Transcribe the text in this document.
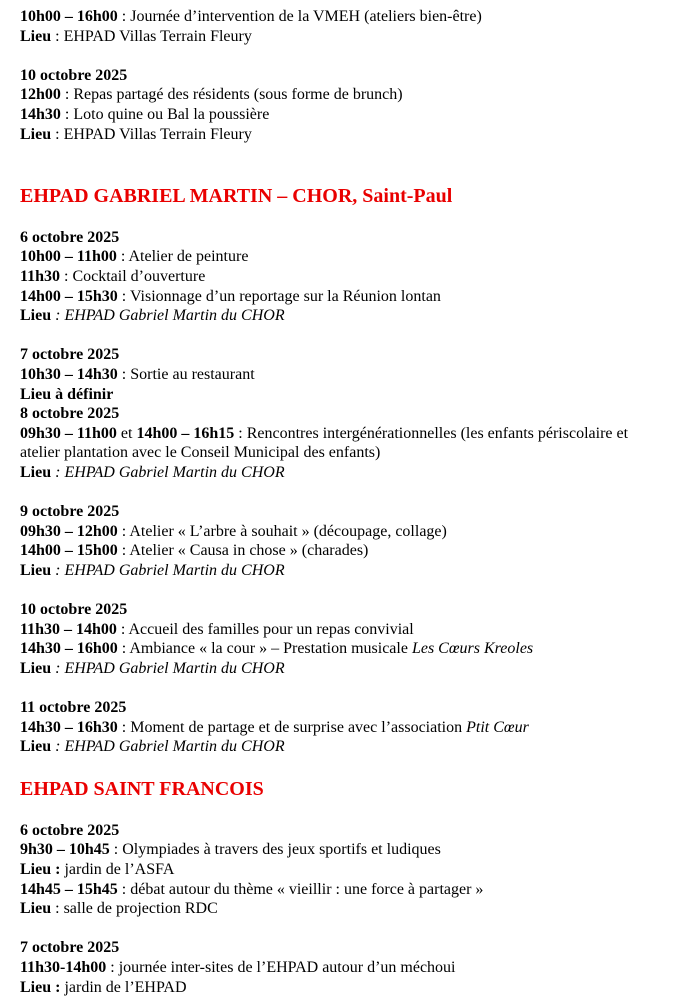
10h00 – 16h00 : Journée d’intervention de la VMEH (ateliers bien-être)

Lieu : EHPAD Villas Terrain Fleury

10 octobre 2025

12h00 : Repas partagé des résidents (sous forme de brunch)

14h30 : Loto quine ou Bal la poussière

Lieu : EHPAD Villas Terrain Fleury

EHPAD GABRIEL MARTIN – CHOR, Saint-Paul

6 octobre 2025

10h00 – 11h00 : Atelier de peinture

11h30 : Cocktail d’ouverture

14h00 – 15h30 : Visionnage d’un reportage sur la Réunion lontan

Lieu : EHPAD Gabriel Martin du CHOR

7 octobre 2025

10h30 – 14h30 : Sortie au restaurant

Lieu à définir

8 octobre 2025

09h30 – 11h00 et 14h00 – 16h15 : Rencontres intergénérationnelles (les enfants périscolaire et atelier plantation avec le Conseil Municipal des enfants)

Lieu : EHPAD Gabriel Martin du CHOR

9 octobre 2025

09h30 – 12h00 : Atelier « L’arbre à souhait » (découpage, collage)

14h00 – 15h00 : Atelier « Causa in chose » (charades)

Lieu : EHPAD Gabriel Martin du CHOR

10 octobre 2025

11h30 – 14h00 : Accueil des familles pour un repas convivial

14h30 – 16h00 : Ambiance « la cour » – Prestation musicale Les Cœurs Kreoles

Lieu : EHPAD Gabriel Martin du CHOR

11 octobre 2025

14h30 – 16h30 : Moment de partage et de surprise avec l’association Ptit Cœur

Lieu : EHPAD Gabriel Martin du CHOR

EHPAD SAINT FRANCOIS

6 octobre 2025

9h30 – 10h45 : Olympiades à travers des jeux sportifs et ludiques

Lieu : jardin de l’ASFA

14h45 – 15h45 : débat autour du thème « vieillir : une force à partager »

Lieu : salle de projection RDC

7 octobre 2025

11h30-14h00 : journée inter-sites de l’EHPAD autour d’un méchoui

Lieu : jardin de l’EHPAD
